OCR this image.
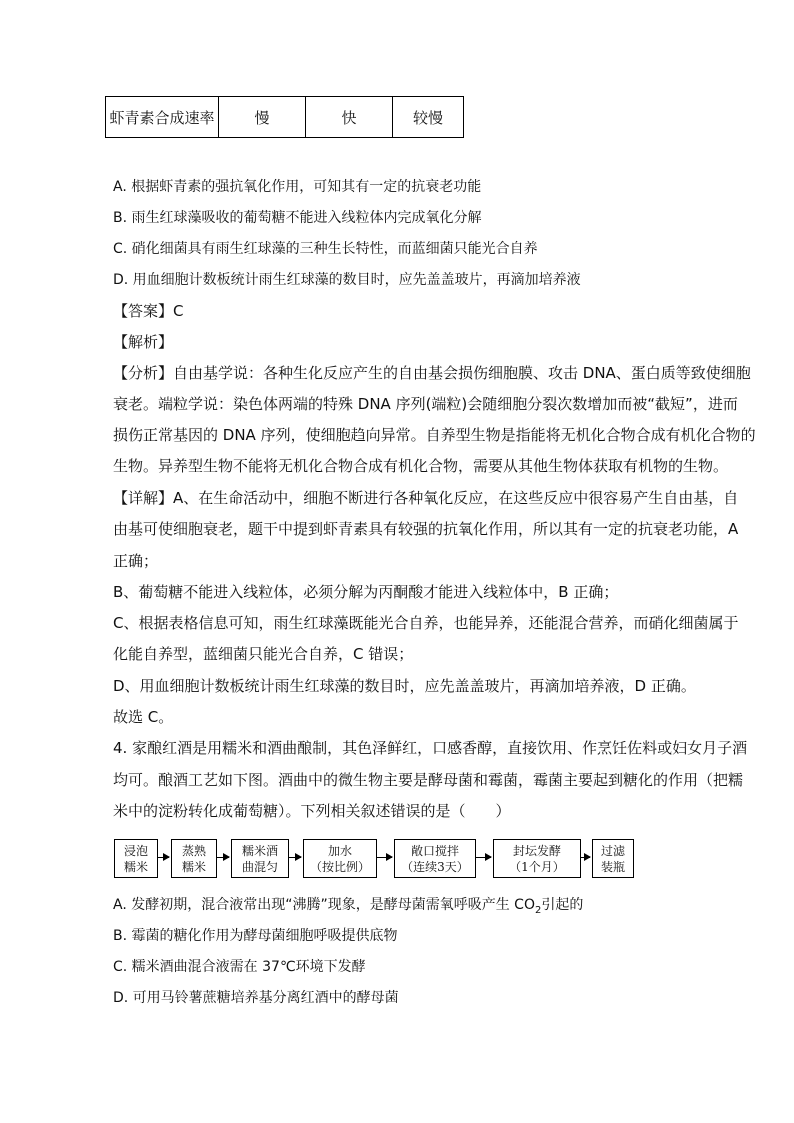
虾青素合成速率	慢	快	较慢
A. 根据虾青素的强抗氧化作用，可知其有一定的抗衰老功能
B. 雨生红球藻吸收的葡萄糖不能进入线粒体内完成氧化分解
C. 硝化细菌具有雨生红球藻的三种生长特性，而蓝细菌只能光合自养
D. 用血细胞计数板统计雨生红球藻的数目时，应先盖盖玻片，再滴加培养液
【答案】C
【解析】
【分析】自由基学说：各种生化反应产生的自由基会损伤细胞膜、攻击 DNA、蛋白质等致使细胞
衰老。端粒学说：染色体两端的特殊 DNA 序列(端粒)会随细胞分裂次数增加而被“截短”，进而
损伤正常基因的 DNA 序列，使细胞趋向异常。自养型生物是指能将无机化合物合成有机化合物的
生物。异养型生物不能将无机化合物合成有机化合物，需要从其他生物体获取有机物的生物。
【详解】A、在生命活动中，细胞不断进行各种氧化反应，在这些反应中很容易产生自由基，自
由基可使细胞衰老，题干中提到虾青素具有较强的抗氧化作用，所以其有一定的抗衰老功能，A
正确；
B、葡萄糖不能进入线粒体，必须分解为丙酮酸才能进入线粒体中，B 正确；
C、根据表格信息可知，雨生红球藻既能光合自养，也能异养，还能混合营养，而硝化细菌属于
化能自养型，蓝细菌只能光合自养，C 错误；
D、用血细胞计数板统计雨生红球藻的数目时，应先盖盖玻片，再滴加培养液，D 正确。
故选 C。
4. 家酿红酒是用糯米和酒曲酿制，其色泽鲜红，口感香醇，直接饮用、作烹饪佐料或妇女月子酒
均可。酿酒工艺如下图。酒曲中的微生物主要是酵母菌和霉菌，霉菌主要起到糖化的作用（把糯
米中的淀粉转化成葡萄糖）。下列相关叙述错误的是（　　）
浸泡
糯米
蒸熟
糯米
糯米酒
曲混匀
加水
（按比例）
敞口搅拌
（连续3天）
封坛发酵
（1个月）
过滤
装瓶
A. 发酵初期，混合液常出现“沸腾”现象，是酵母菌需氧呼吸产生 $CO_2$引起的
B. 霉菌的糖化作用为酵母菌细胞呼吸提供底物
C. 糯米酒曲混合液需在 37℃环境下发酵
D. 可用马铃薯蔗糖培养基分离红酒中的酵母菌
